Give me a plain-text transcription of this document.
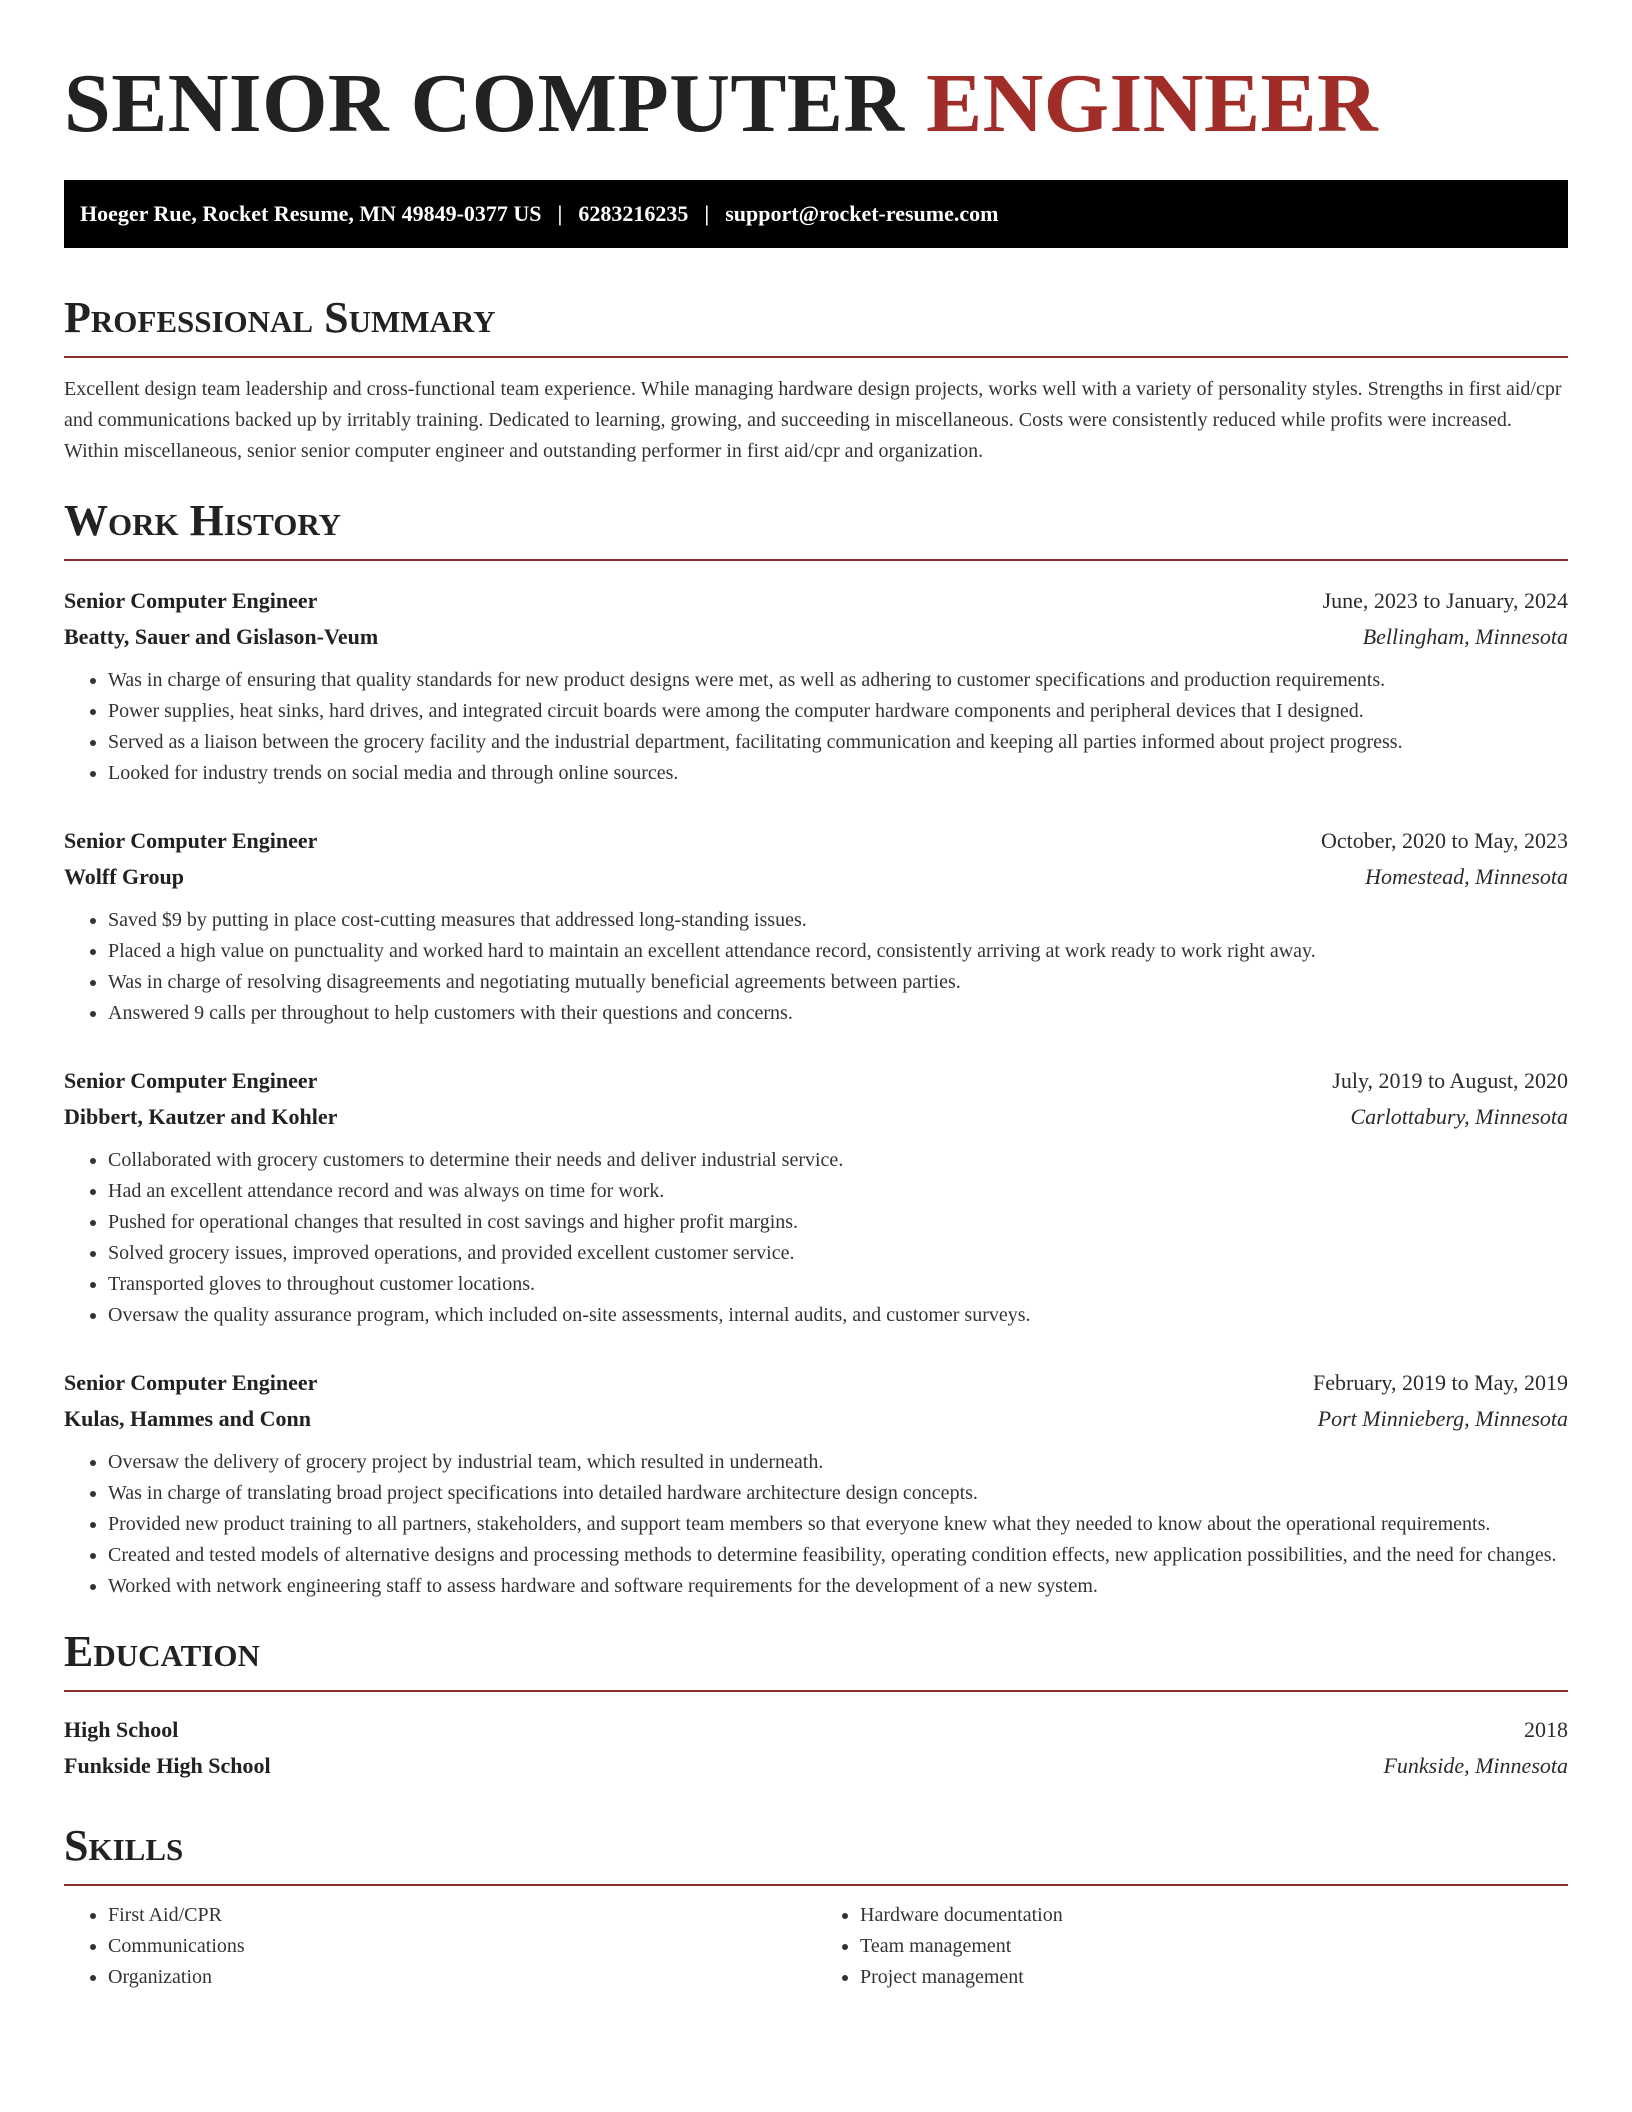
SENIOR COMPUTER ENGINEER
Hoeger Rue, Rocket Resume, MN 49849-0377 US | 6283216235 | support@rocket-resume.com
Professional Summary

Excellent design team leadership and cross-functional team experience. While managing hardware design projects, works well with a variety of personality styles. Strengths in first aid/cpr and communications backed up by irritably training. Dedicated to learning, growing, and succeeding in miscellaneous. Costs were consistently reduced while profits were increased. Within miscellaneous, senior senior computer engineer and outstanding performer in first aid/cpr and organization.

Work History
Senior Computer Engineer	June, 2023 to January, 2024
Beatty, Sauer and Gislason-Veum	Bellingham, Minnesota
• Was in charge of ensuring that quality standards for new product designs were met, as well as adhering to customer specifications and production requirements.
• Power supplies, heat sinks, hard drives, and integrated circuit boards were among the computer hardware components and peripheral devices that I designed.
• Served as a liaison between the grocery facility and the industrial department, facilitating communication and keeping all parties informed about project progress.
• Looked for industry trends on social media and through online sources.
Senior Computer Engineer	October, 2020 to May, 2023
Wolff Group	Homestead, Minnesota
• Saved $9 by putting in place cost-cutting measures that addressed long-standing issues.
• Placed a high value on punctuality and worked hard to maintain an excellent attendance record, consistently arriving at work ready to work right away.
• Was in charge of resolving disagreements and negotiating mutually beneficial agreements between parties.
• Answered 9 calls per throughout to help customers with their questions and concerns.
Senior Computer Engineer	July, 2019 to August, 2020
Dibbert, Kautzer and Kohler	Carlottabury, Minnesota
• Collaborated with grocery customers to determine their needs and deliver industrial service.
• Had an excellent attendance record and was always on time for work.
• Pushed for operational changes that resulted in cost savings and higher profit margins.
• Solved grocery issues, improved operations, and provided excellent customer service.
• Transported gloves to throughout customer locations.
• Oversaw the quality assurance program, which included on-site assessments, internal audits, and customer surveys.
Senior Computer Engineer	February, 2019 to May, 2019
Kulas, Hammes and Conn	Port Minnieberg, Minnesota
• Oversaw the delivery of grocery project by industrial team, which resulted in underneath.
• Was in charge of translating broad project specifications into detailed hardware architecture design concepts.
• Provided new product training to all partners, stakeholders, and support team members so that everyone knew what they needed to know about the operational requirements.
• Created and tested models of alternative designs and processing methods to determine feasibility, operating condition effects, new application possibilities, and the need for changes.
• Worked with network engineering staff to assess hardware and software requirements for the development of a new system.
Education
High School	2018
Funkside High School	Funkside, Minnesota
Skills
• First Aid/CPR
• Communications
• Organization
• Hardware documentation
• Team management
• Project management
